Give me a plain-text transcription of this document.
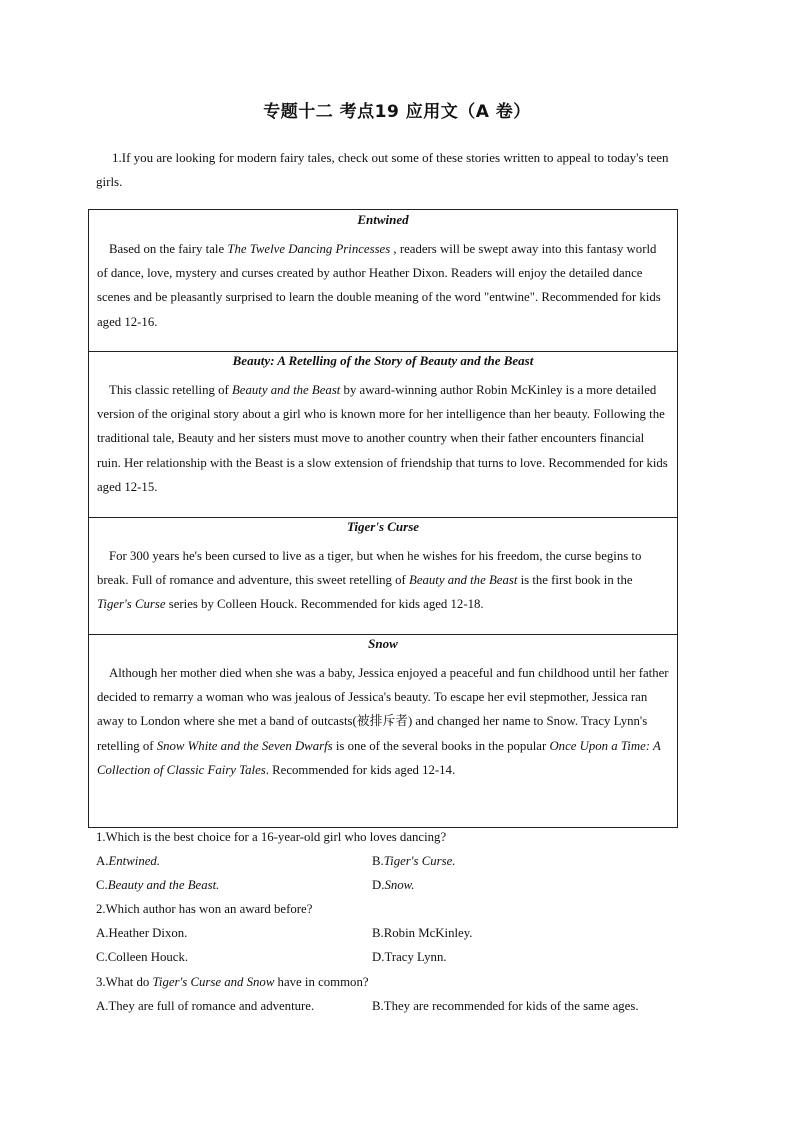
专题十二 考点19 应用文（A 卷）
1.If you are looking for modern fairy tales, check out some of these stories written to appeal to today's teen girls.
Entwined
Based on the fairy tale The Twelve Dancing Princesses , readers will be swept away into this fantasy world of dance, love, mystery and curses created by author Heather Dixon. Readers will enjoy the detailed dance scenes and be pleasantly surprised to learn the double meaning of the word "entwine". Recommended for kids aged 12-16.
Beauty: A Retelling of the Story of Beauty and the Beast
This classic retelling of Beauty and the Beast by award-winning author Robin McKinley is a more detailed version of the original story about a girl who is known more for her intelligence than her beauty. Following the traditional tale, Beauty and her sisters must move to another country when their father encounters financial ruin. Her relationship with the Beast is a slow extension of friendship that turns to love. Recommended for kids aged 12-15.
Tiger's Curse
For 300 years he's been cursed to live as a tiger, but when he wishes for his freedom, the curse begins to break. Full of romance and adventure, this sweet retelling of Beauty and the Beast is the first book in the Tiger's Curse series by Colleen Houck. Recommended for kids aged 12-18.
Snow
Although her mother died when she was a baby, Jessica enjoyed a peaceful and fun childhood until her father decided to remarry a woman who was jealous of Jessica's beauty. To escape her evil stepmother, Jessica ran away to London where she met a band of outcasts(被排斥者) and changed her name to Snow. Tracy Lynn's retelling of Snow White and the Seven Dwarfs is one of the several books in the popular Once Upon a Time: A Collection of Classic Fairy Tales. Recommended for kids aged 12-14.
1.Which is the best choice for a 16-year-old girl who loves dancing?
A.Entwined.	B.Tiger's Curse.
C.Beauty and the Beast.	D.Snow.
2.Which author has won an award before?
A.Heather Dixon.	B.Robin McKinley.
C.Colleen Houck.	D.Tracy Lynn.
3.What do Tiger's Curse and Snow have in common?
A.They are full of romance and adventure.	B.They are recommended for kids of the same ages.
